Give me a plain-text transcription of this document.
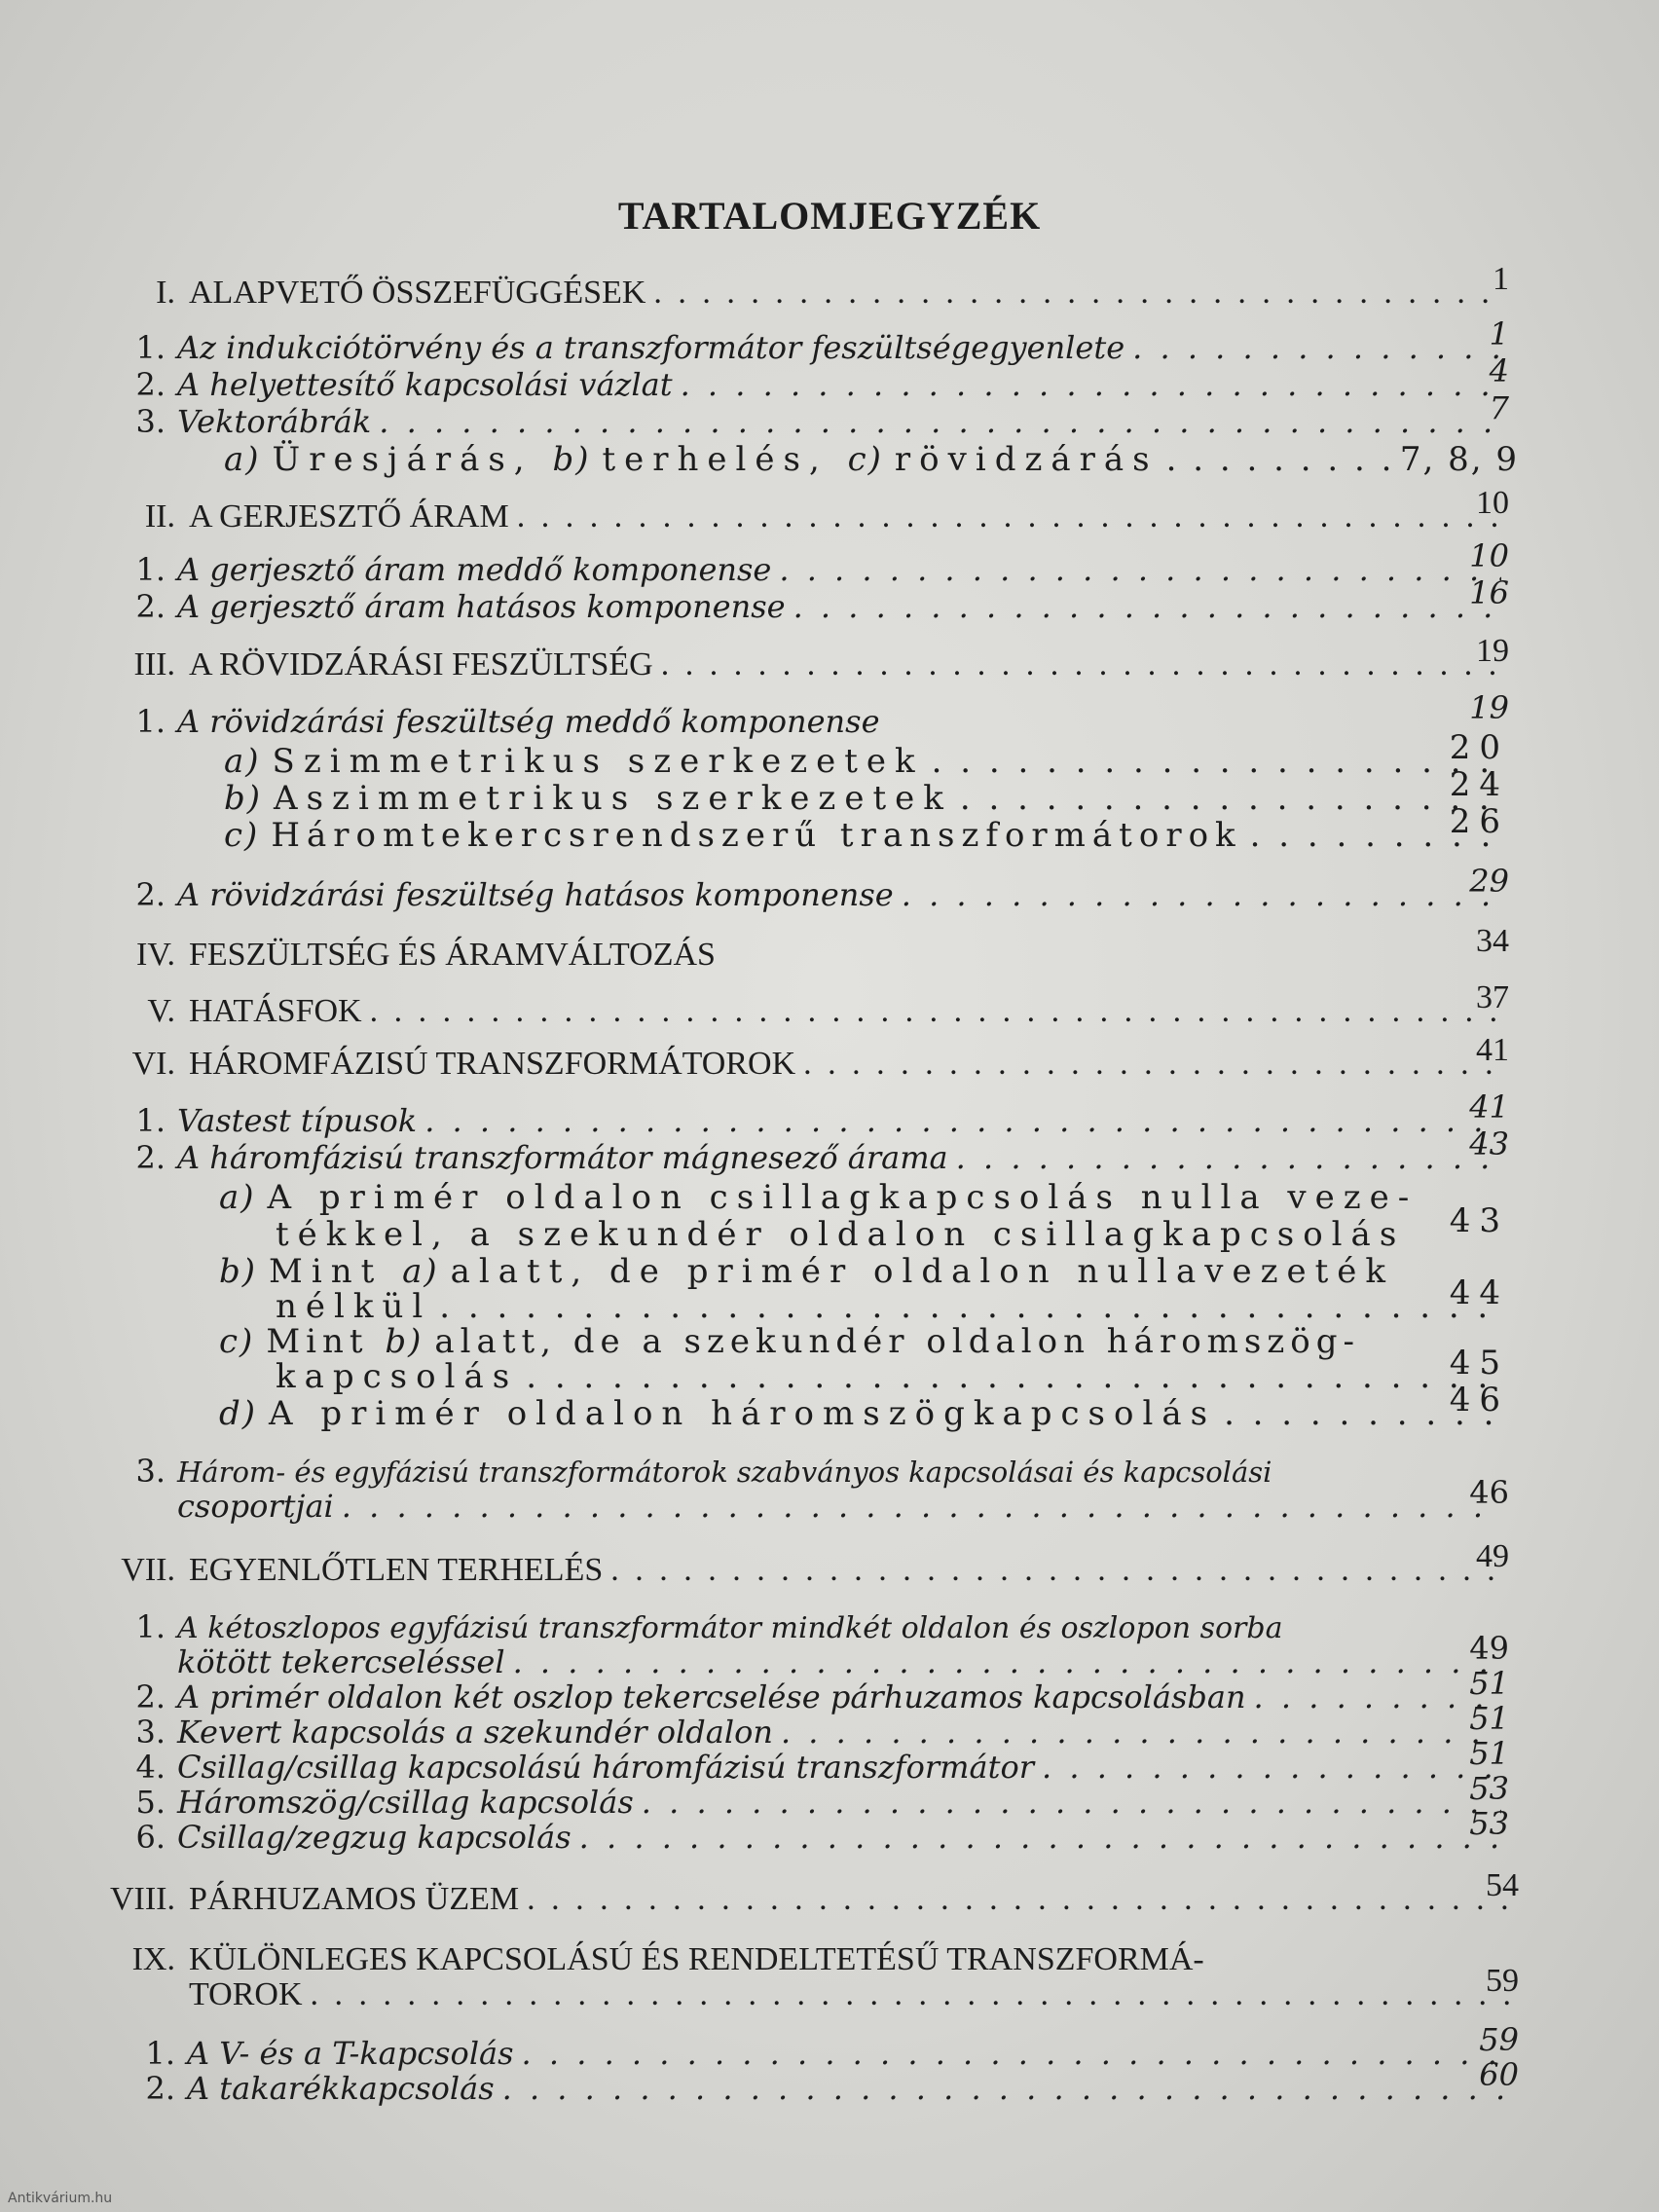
TARTALOMJEGYZÉK
I. ALAPVETŐ ÖSSZEFÜGGÉSEK . . .	1
1. Az indukciótörvény és a transzformátor feszültségegyenlete . . .	1
2. A helyettesítő kapcsolási vázlat . . .	4
3. Vektorábrák . . .	7
a) Üresjárás, b) terhelés, c) rövidzárás . . .	7, 8, 9
II. A GERJESZTŐ ÁRAM . . .	10
1. A gerjesztő áram meddő komponense . . .	10
2. A gerjesztő áram hatásos komponense . . .	16
III. A RÖVIDZÁRÁSI FESZÜLTSÉG . . .	19
1. A rövidzárási feszültség meddő komponense	19
a) Szimmetrikus szerkezetek . . .	20
b) Aszimmetrikus szerkezetek . . .	24
c) Háromtekercsrendszerű transzformátorok . . .	26
2. A rövidzárási feszültség hatásos komponense . . .	29
IV. FESZÜLTSÉG ÉS ÁRAMVÁLTOZÁS	34
V. HATÁSFOK . . .	37
VI. HÁROMFÁZISÚ TRANSZFORMÁTOROK . . .	41
1. Vastest típusok . . .	41
2. A háromfázisú transzformátor mágnesező árama . . .	43
a) A primér oldalon csillagkapcsolás nulla veze-
tékkel, a szekundér oldalon csillagkapcsolás	43
b) Mint a) alatt, de primér oldalon nullavezeték
nélkül . . .	44
c) Mint b) alatt, de a szekundér oldalon háromszög-
kapcsolás . . .	45
d) A primér oldalon háromszögkapcsolás . . .	46
3. Három- és egyfázisú transzformátorok szabványos kapcsolásai és kapcsolási
csoportjai . . .	46
VII. EGYENLŐTLEN TERHELÉS . . .	49
1. A kétoszlopos egyfázisú transzformátor mindkét oldalon és oszlopon sorba
kötött tekercseléssel . . .	49
2. A primér oldalon két oszlop tekercselése párhuzamos kapcsolásban . . .	51
3. Kevert kapcsolás a szekundér oldalon . . .	51
4. Csillag/csillag kapcsolású háromfázisú transzformátor . . .	51
5. Háromszög/csillag kapcsolás . . .	53
6. Csillag/zegzug kapcsolás . . .	53
VIII. PÁRHUZAMOS ÜZEM . . .	54
IX. KÜLÖNLEGES KAPCSOLÁSÚ ÉS RENDELTETÉSŰ TRANSZFORMÁ-
TOROK . . .	59
1. A V- és a T-kapcsolás . . .	59
2. A takarékkapcsolás . . .	60
Antikvárium.hu
